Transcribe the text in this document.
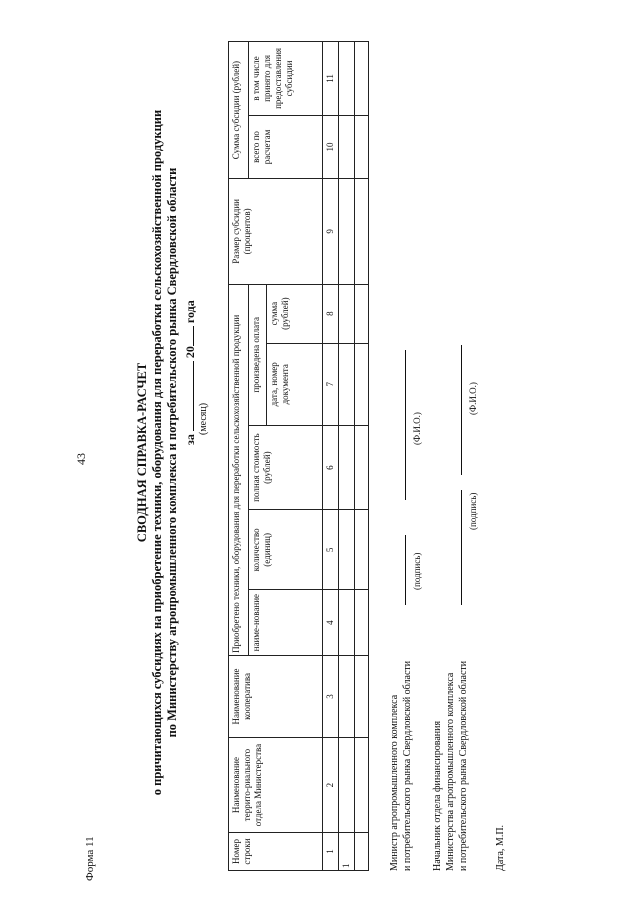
43
Форма 11
СВОДНАЯ СПРАВКА-РАСЧЕТ о причитающихся субсидиях на приобретение техники, оборудования для переработки сельскохозяйственной продукции по Министерству агропромышленного комплекса и потребительского рынка Свердловской области за  20 года
(месяц)
Номер строки	Наименование террито-риального отдела Министерства	Наименование кооператива	Приобретено техники, оборудования для переработки сельскохозяйственной продукции					Размер субсидии (процентов)	Сумма субсидии (рублей)	
			наиме-нование	количество (единиц)	полная стоимость (рублей)	произведена оплата			всего по расчетам	в том числе принято для предоставления субсидии
						дата, номер документа	сумма (рублей)			
1	2	3	4	5	6	7	8	9	10	11
1										
											Министр агропромышленного комплекса и потребительского рынка Свердловской области
(подпись)
(Ф.И.О.)
Начальник отдела финансирования Министерства агропромышленного комплекса и потребительского рынка Свердловской области
(подпись)
(Ф.И.О.)
Дата, М.П.
